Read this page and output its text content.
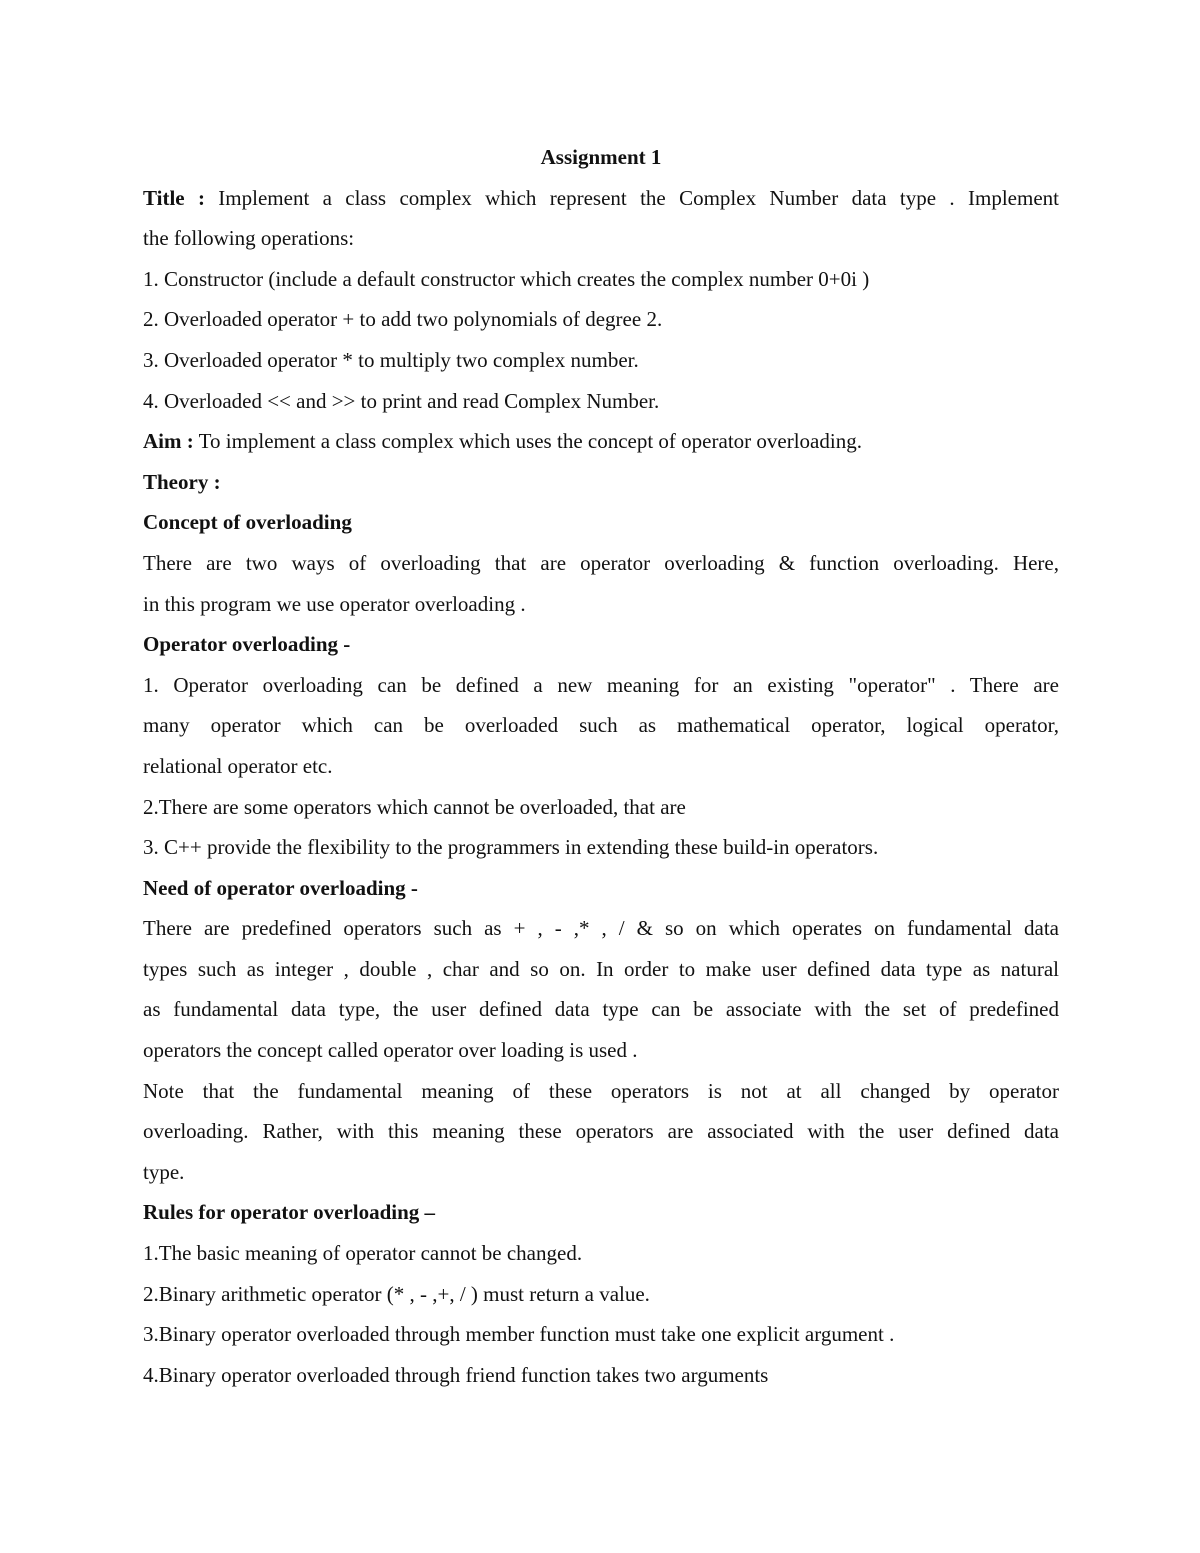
Assignment 1
Title : Implement a class complex which represent the Complex Number data type . Implement
the following operations:
1. Constructor (include a default constructor which creates the complex number 0+0i )
2. Overloaded operator + to add two polynomials of degree 2.
3. Overloaded operator * to multiply two complex number.
4. Overloaded << and >> to print and read Complex Number.
Aim : To implement a class complex which uses the concept of operator overloading.
Theory :
Concept of overloading
There are two ways of overloading that are operator overloading & function overloading. Here,
in this program we use operator overloading .
Operator overloading -
1. Operator overloading can be defined a new meaning for an existing "operator" . There are
many operator which can be overloaded such as mathematical operator, logical operator,
relational operator etc.
2.There are some operators which cannot be overloaded, that are
3. C++ provide the flexibility to the programmers in extending these build-in operators.
Need of operator overloading -
There are predefined operators such as + , - ,* , / & so on which operates on fundamental data
types such as integer , double , char and so on. In order to make user defined data type as natural
as fundamental data type, the user defined data type can be associate with the set of predefined
operators the concept called operator over loading is used .
Note that the fundamental meaning of these operators is not at all changed by operator
overloading. Rather, with this meaning these operators are associated with the user defined data
type.
Rules for operator overloading –
1.The basic meaning of operator cannot be changed.
2.Binary arithmetic operator (* , - ,+, / ) must return a value.
3.Binary operator overloaded through member function must take one explicit argument .
4.Binary operator overloaded through friend function takes two arguments
